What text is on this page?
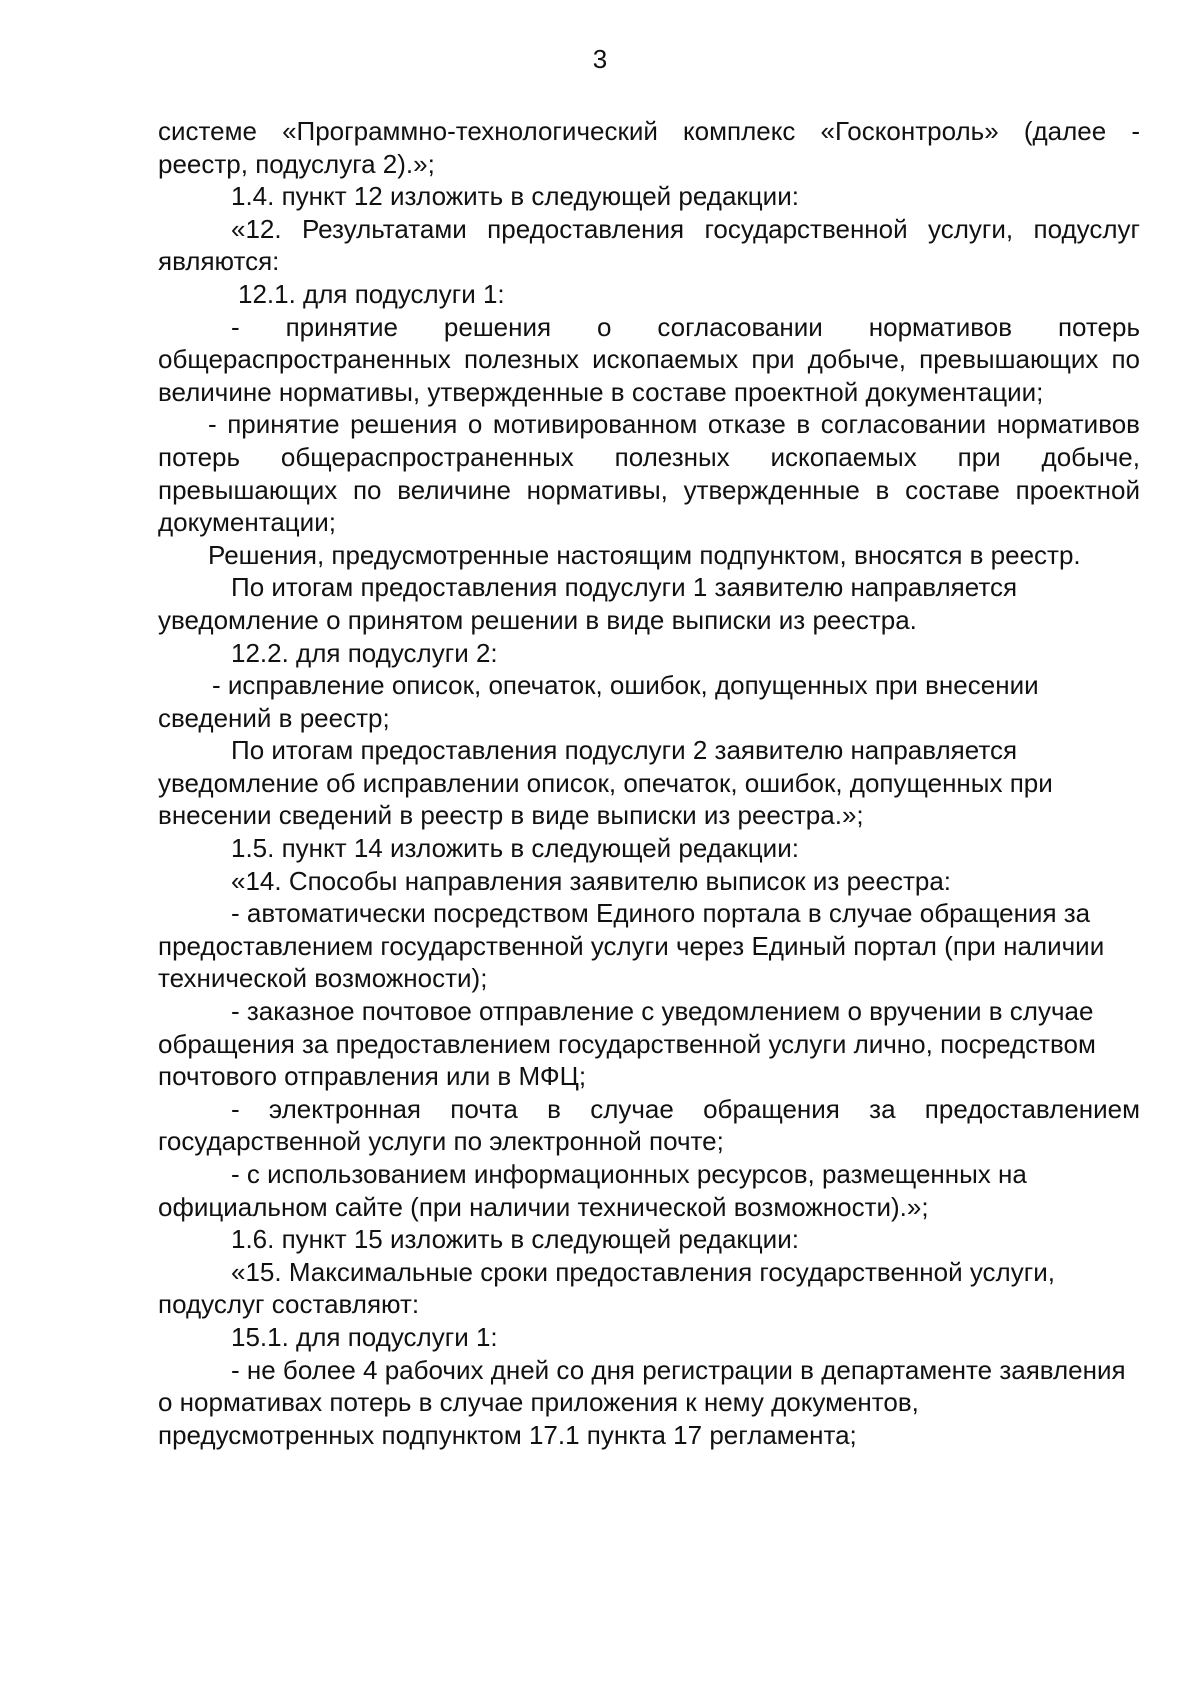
3

системе «Программно-технологический комплекс «Госконтроль» (далее - реестр, подуслуга 2).»;

1.4. пункт 12 изложить в следующей редакции:

«12. Результатами предоставления государственной услуги, подуслуг являются:

12.1. для подуслуги 1:

- принятие решения о согласовании нормативов потерь общераспространенных полезных ископаемых при добыче, превышающих по величине нормативы, утвержденные в составе проектной документации;

- принятие решения о мотивированном отказе в согласовании нормативов потерь общераспространенных полезных ископаемых при добыче, превышающих по величине нормативы, утвержденные в составе проектной документации;

Решения, предусмотренные настоящим подпунктом, вносятся в реестр.

По итогам предоставления подуслуги 1 заявителю направляется уведомление о принятом решении в виде выписки из реестра.

12.2. для подуслуги 2:

- исправление описок, опечаток, ошибок, допущенных при внесении сведений в реестр;

По итогам предоставления подуслуги 2 заявителю направляется уведомление об исправлении описок, опечаток, ошибок, допущенных при внесении сведений в реестр в виде выписки из реестра.»;

1.5. пункт 14 изложить в следующей редакции:

«14. Способы направления заявителю выписок из реестра:

- автоматически посредством Единого портала в случае обращения за предоставлением государственной услуги через Единый портал (при наличии технической возможности);

- заказное почтовое отправление с уведомлением о вручении в случае обращения за предоставлением государственной услуги лично, посредством почтового отправления или в МФЦ;

- электронная почта в случае обращения за предоставлением государственной услуги по электронной почте;

- с использованием информационных ресурсов, размещенных на официальном сайте (при наличии технической возможности).»;

1.6. пункт 15 изложить в следующей редакции:

«15. Максимальные сроки предоставления государственной услуги, подуслуг составляют:

15.1. для подуслуги 1:

- не более 4 рабочих дней со дня регистрации в департаменте заявления о нормативах потерь в случае приложения к нему документов, предусмотренных подпунктом 17.1 пункта 17 регламента;
